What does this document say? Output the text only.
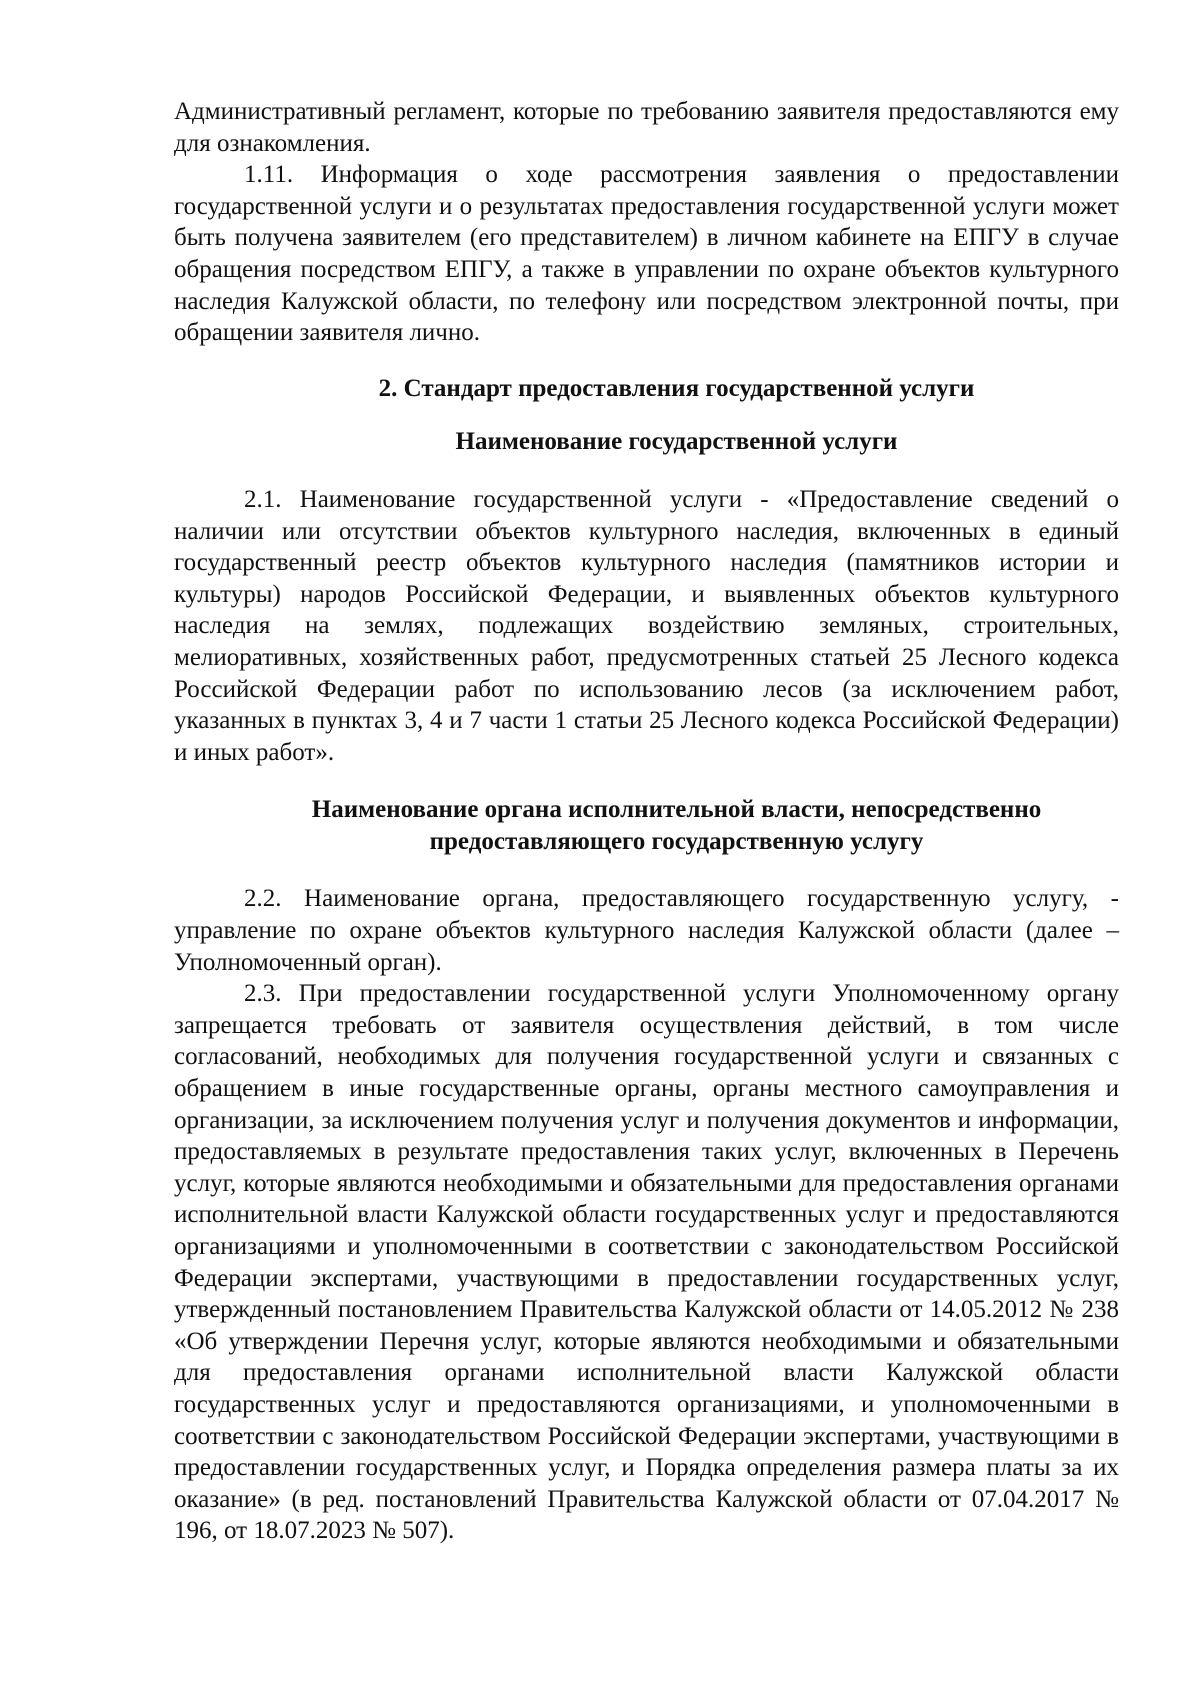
Административный регламент, которые по требованию заявителя предоставляются ему для ознакомления.

1.11. Информация о ходе рассмотрения заявления о предоставлении государственной услуги и о результатах предоставления государственной услуги может быть получена заявителем (его представителем) в личном кабинете на ЕПГУ в случае обращения посредством ЕПГУ, а также в управлении по охране объектов культурного наследия Калужской области, по телефону или посредством электронной почты, при обращении заявителя лично.

2. Стандарт предоставления государственной услуги

Наименование государственной услуги

2.1. Наименование государственной услуги - «Предоставление сведений о наличии или отсутствии объектов культурного наследия, включенных в единый государственный реестр объектов культурного наследия (памятников истории и культуры) народов Российской Федерации, и выявленных объектов культурного наследия на землях, подлежащих воздействию земляных, строительных, мелиоративных, хозяйственных работ, предусмотренных статьей 25 Лесного кодекса Российской Федерации работ по использованию лесов (за исключением работ, указанных в пунктах 3, 4 и 7 части 1 статьи 25 Лесного кодекса Российской Федерации) и иных работ».

Наименование органа исполнительной власти, непосредственно

предоставляющего государственную услугу

2.2. Наименование органа, предоставляющего государственную услугу, - управление по охране объектов культурного наследия Калужской области (далее – Уполномоченный орган).

2.3. При предоставлении государственной услуги Уполномоченному органу запрещается требовать от заявителя осуществления действий, в том числе согласований, необходимых для получения государственной услуги и связанных с обращением в иные государственные органы, органы местного самоуправления и организации, за исключением получения услуг и получения документов и информации, предоставляемых в результате предоставления таких услуг, включенных в Перечень услуг, которые являются необходимыми и обязательными для предоставления органами исполнительной власти Калужской области государственных услуг и предоставляются организациями и уполномоченными в соответствии с законодательством Российской Федерации экспертами, участвующими в предоставлении государственных услуг, утвержденный постановлением Правительства Калужской области от 14.05.2012 № 238 «Об утверждении Перечня услуг, которые являются необходимыми и обязательными для предоставления органами исполнительной власти Калужской области государственных услуг и предоставляются организациями, и уполномоченными в соответствии с законодательством Российской Федерации экспертами, участвующими в предоставлении государственных услуг, и Порядка определения размера платы за их оказание» (в ред. постановлений Правительства Калужской области от 07.04.2017 № 196, от 18.07.2023 № 507).
